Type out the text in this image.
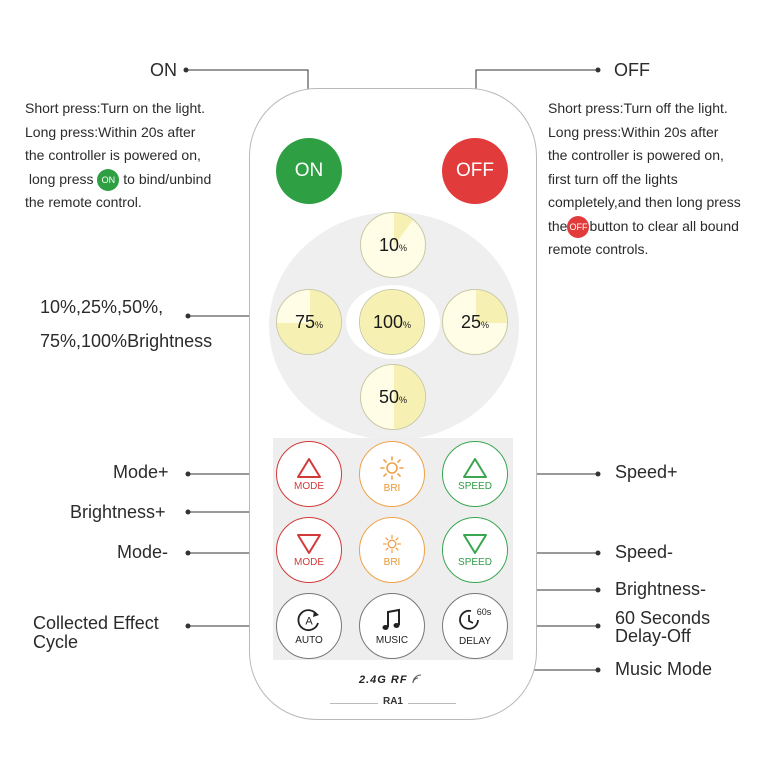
ON	OFF
10%
75%	100%	25%
50%
MODE	BRI	SPEED
MODE	BRI	SPEED
A
AUTO	MUSIC
60s
DELAY
2.4G RF
RA1
ON
Short press:Turn on the light.
Long press:Within 20s after
the controller is powered on,
long press ON to bind/unbind
the remote control.
10%,25%,50%,
75%,100%Brightness
Mode+
Brightness+
Mode-
Collected Effect
Cycle
OFF
Short press:Turn off the light.
Long press:Within 20s after
the controller is powered on,
first turn off the lights
completely,and then long press
the OFF button to clear all bound
remote controls.
Speed+
Speed-
Brightness-
60 Seconds
Delay-Off
Music Mode
